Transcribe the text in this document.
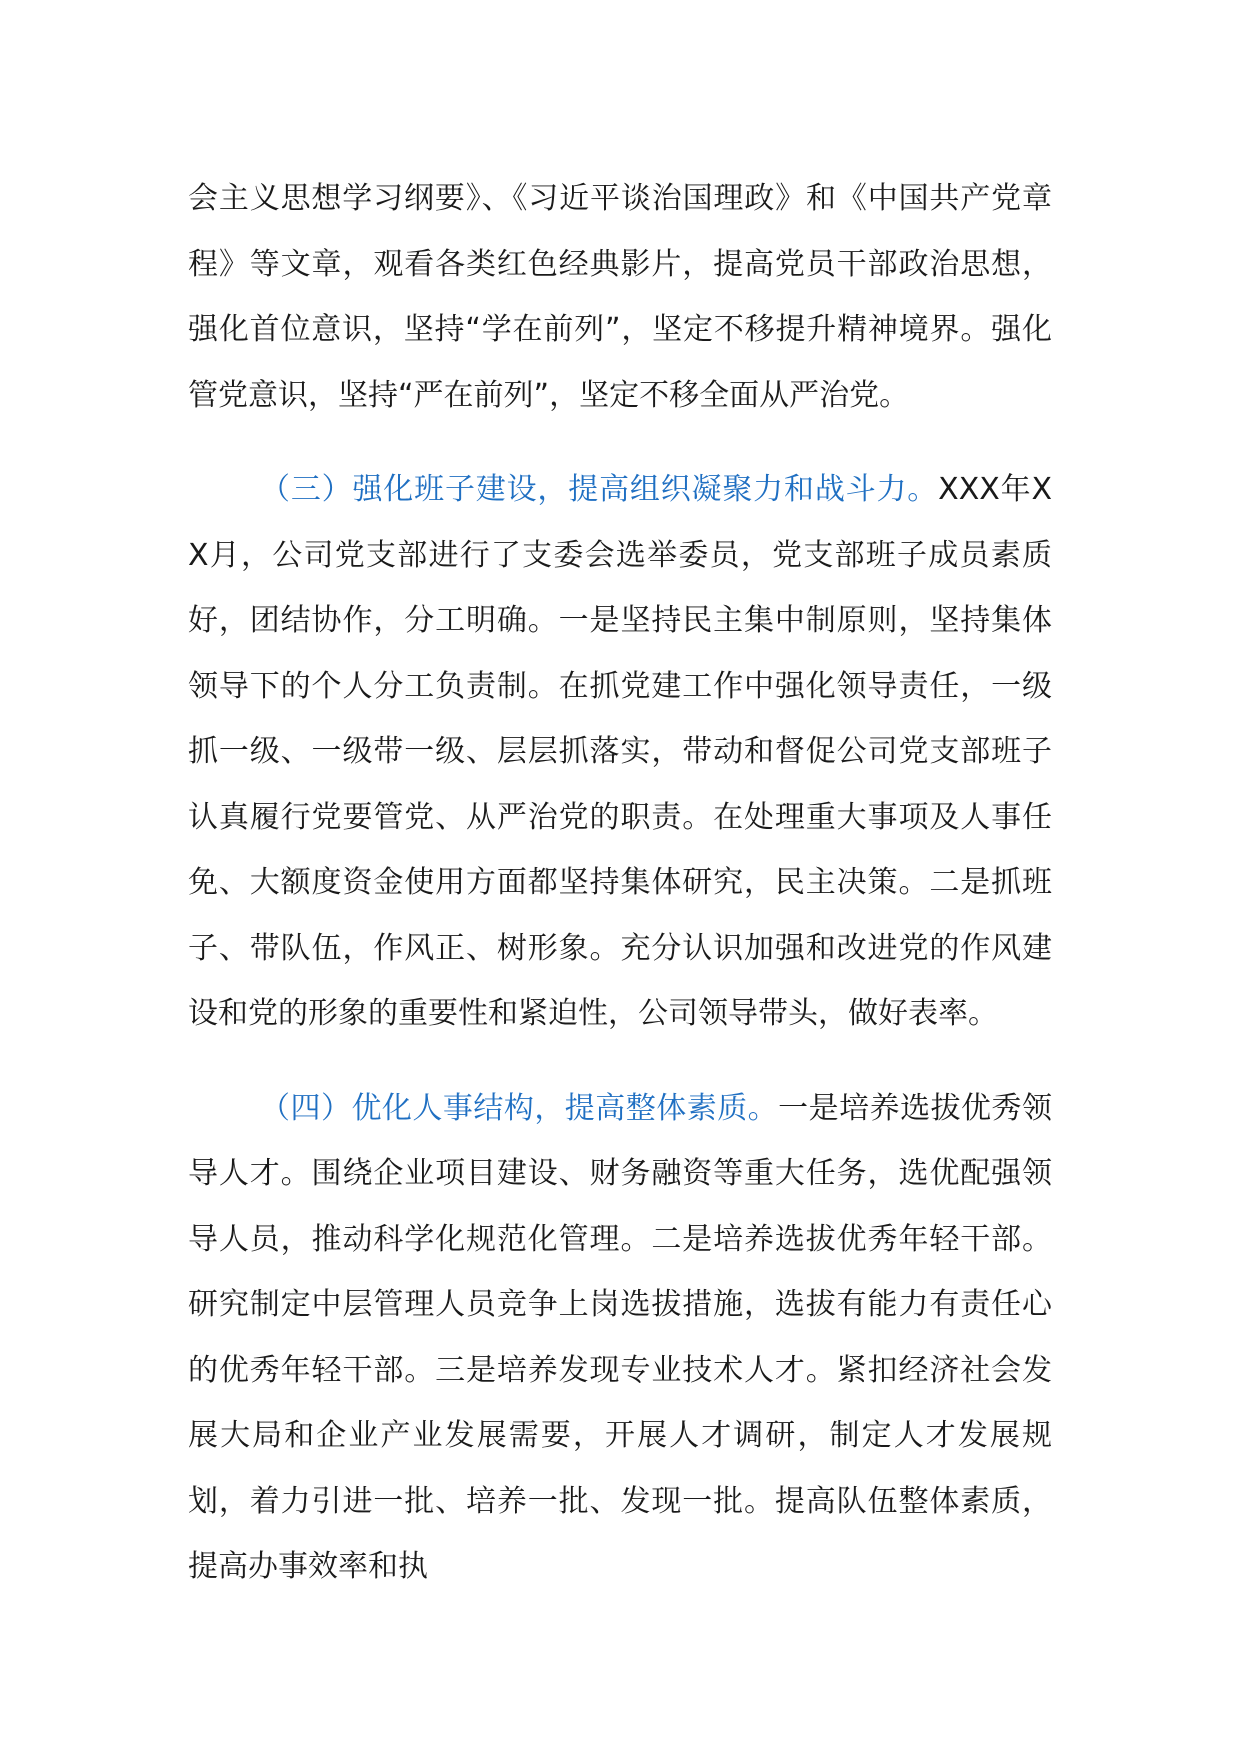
会主义思想学习纲要》、《习近平谈治国理政》和《中国共产党章程》等文章，观看各类红色经典影片，提高党员干部政治思想，强化首位意识，坚持“学在前列”，坚定不移提升精神境界。强化管党意识，坚持“严在前列”，坚定不移全面从严治党。

（三）强化班子建设，提高组织凝聚力和战斗力。XXX年XX月，公司党支部进行了支委会选举委员，党支部班子成员素质好，团结协作，分工明确。一是坚持民主集中制原则，坚持集体领导下的个人分工负责制。在抓党建工作中强化领导责任，一级抓一级、一级带一级、层层抓落实，带动和督促公司党支部班子认真履行党要管党、从严治党的职责。在处理重大事项及人事任免、大额度资金使用方面都坚持集体研究，民主决策。二是抓班子、带队伍，作风正、树形象。充分认识加强和改进党的作风建设和党的形象的重要性和紧迫性，公司领导带头，做好表率。

（四）优化人事结构，提高整体素质。一是培养选拔优秀领导人才。围绕企业项目建设、财务融资等重大任务，选优配强领导人员，推动科学化规范化管理。二是培养选拔优秀年轻干部。研究制定中层管理人员竞争上岗选拔措施，选拔有能力有责任心的优秀年轻干部。三是培养发现专业技术人才。紧扣经济社会发展大局和企业产业发展需要，开展人才调研，制定人才发展规划，着力引进一批、培养一批、发现一批。提高队伍整体素质，提高办事效率和执
